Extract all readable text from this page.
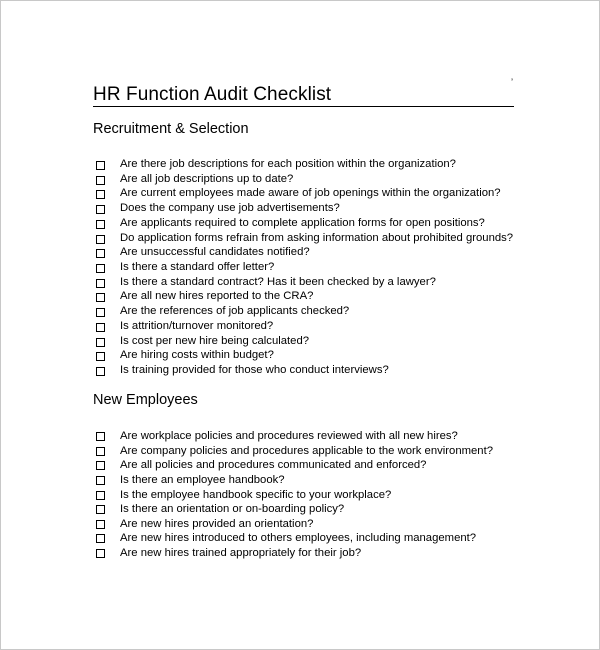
HR Function Audit Checklist
’
Recruitment & Selection
Are there job descriptions for each position within the organization?
Are all job descriptions up to date?
Are current employees made aware of job openings within the organization?
Does the company use job advertisements?
Are applicants required to complete application forms for open positions?
Do application forms refrain from asking information about prohibited grounds?
Are unsuccessful candidates notified?
Is there a standard offer letter?
Is there a standard contract? Has it been checked by a lawyer?
Are all new hires reported to the CRA?
Are the references of job applicants checked?
Is attrition/turnover monitored?
Is cost per new hire being calculated?
Are hiring costs within budget?
Is training provided for those who conduct interviews?
New Employees
Are workplace policies and procedures reviewed with all new hires?
Are company policies and procedures applicable to the work environment?
Are all policies and procedures communicated and enforced?
Is there an employee handbook?
Is the employee handbook specific to your workplace?
Is there an orientation or on-boarding policy?
Are new hires provided an orientation?
Are new hires introduced to others employees, including management?
Are new hires trained appropriately for their job?
